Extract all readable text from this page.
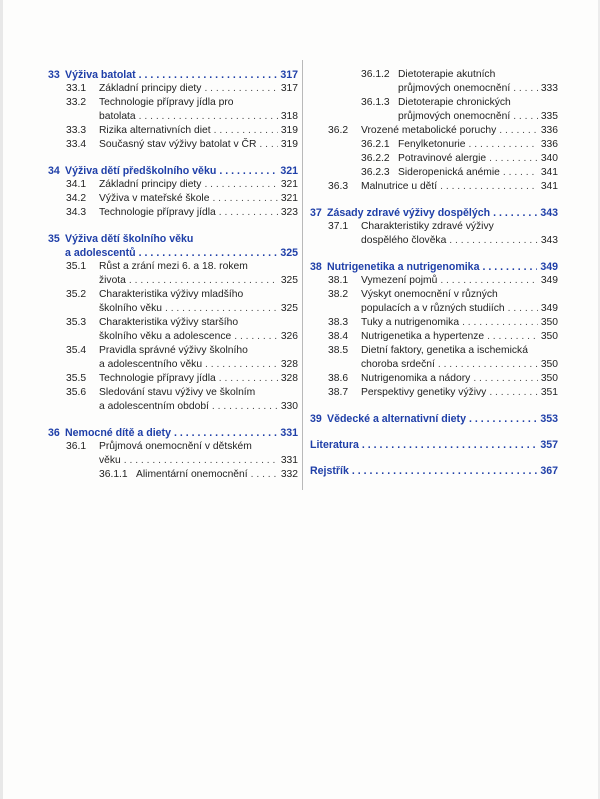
33 Výživa batolat . . .	317
33.1 Základní principy diety . . .	317
33.2 Technologie přípravy jídla pro
batolata . . .	318
33.3 Rizika alternativních diet . . .	319
33.4 Současný stav výživy batolat v ČR . . . 319
34 Výživa dětí předškolního věku . . .	321
34.1 Základní principy diety . . .	321
34.2 Výživa v mateřské škole . . .	321
34.3 Technologie přípravy jídla . . .	323
35 Výživa dětí školního věku
a adolescentů . . .	325
35.1 Růst a zrání mezi 6. a 18. rokem
života . . .	325
35.2 Charakteristika výživy mladšího
školního věku . . .	325
35.3 Charakteristika výživy staršího
školního věku a adolescence . . .	326
35.4 Pravidla správné výživy školního
a adolescentního věku . . .	328
35.5 Technologie přípravy jídla . . .	328
35.6 Sledování stavu výživy ve školním
a adolescentním období . . .	330
36 Nemocné dítě a diety . . .	331
36.1 Průjmová onemocnění v dětském
věku . . .	331
36.1.1 Alimentární onemocnění . . .	332
36.1.2 Dietoterapie akutních
průjmových onemocnění . . .	333
36.1.3 Dietoterapie chronických
průjmových onemocnění . . .	335
36.2 Vrozené metabolické poruchy . . .	336
36.2.1 Fenylketonurie . . .	336
36.2.2 Potravinové alergie . . .	340
36.2.3 Sideropenická anémie . . .	341
36.3 Malnutrice u dětí . . .	341
37 Zásady zdravé výživy dospělých . . .	343
37.1 Charakteristiky zdravé výživy
dospělého člověka . . .	343
38 Nutrigenetika a nutrigenomika . . .	349
38.1 Vymezení pojmů . . .	349
38.2 Výskyt onemocnění v různých
populacích a v různých studiích . . .	349
38.3 Tuky a nutrigenomika . . .	350
38.4 Nutrigenetika a hypertenze . . .	350
38.5 Dietní faktory, genetika a ischemická
choroba srdeční . . .	350
38.6 Nutrigenomika a nádory . . .	350
38.7 Perspektivy genetiky výživy . . .	351
39 Vědecké a alternativní diety . . .	353
Literatura . . .	357
Rejstřík . . .	367
